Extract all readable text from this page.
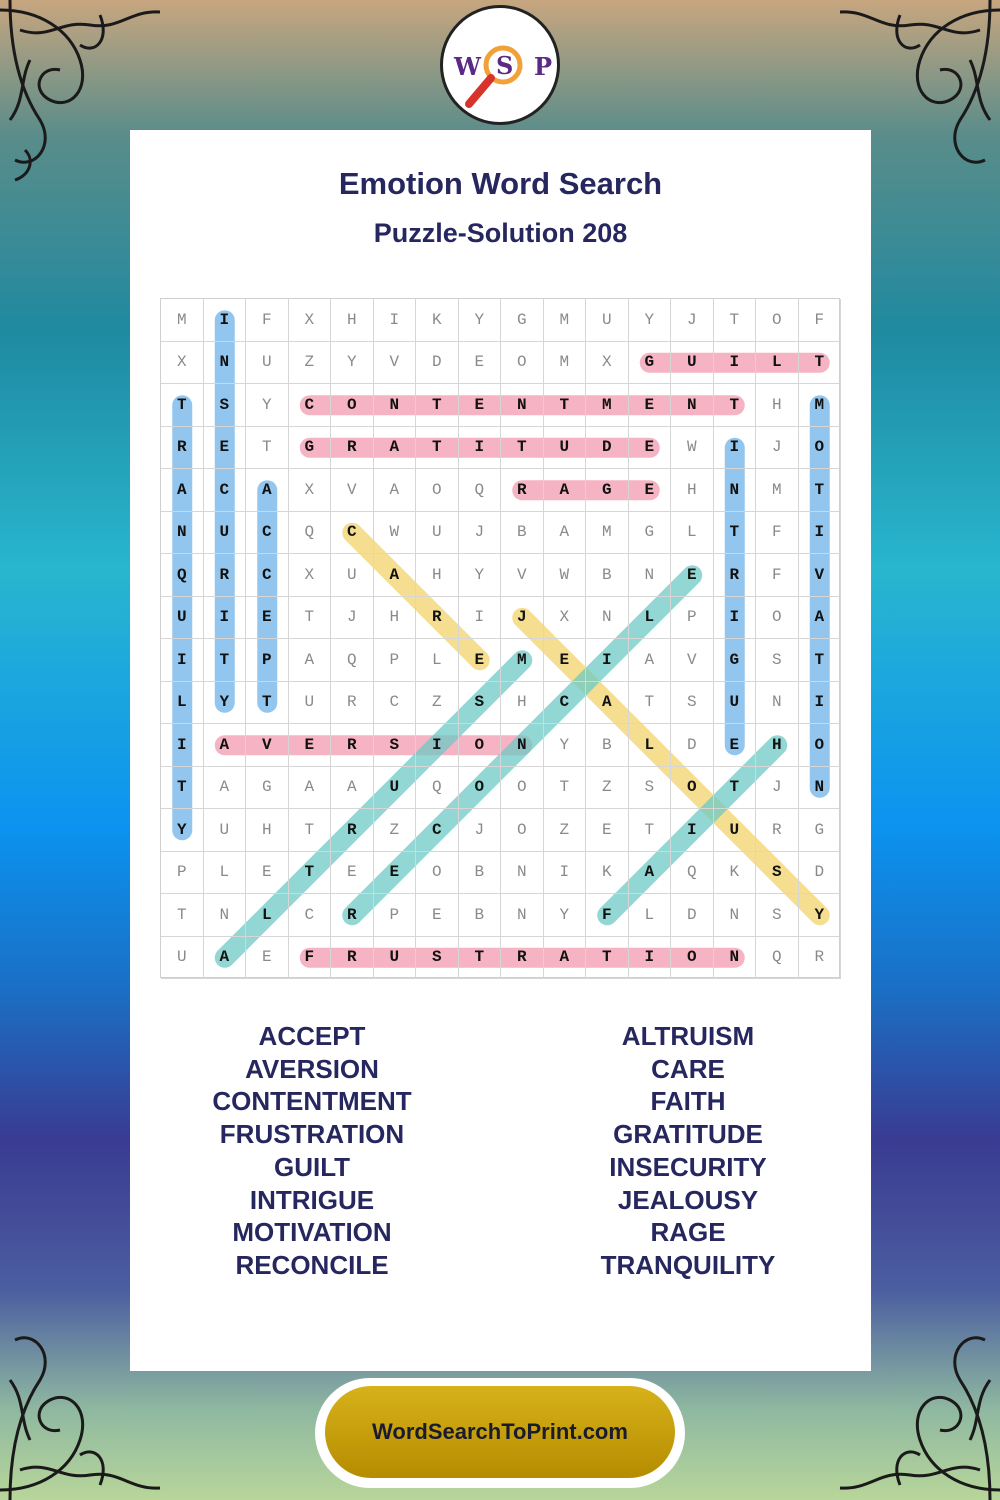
W S P
Emotion Word Search
Puzzle-Solution 208
M	I	F	X	H	I	K	Y	G	M	U	Y	J	T	O	F
X	N	U	Z	Y	V	D	E	O	M	X	G	U	I	L	T
T	S	Y	C	O	N	T	E	N	T	M	E	N	T	H	M
R	E	T	G	R	A	T	I	T	U	D	E	W	I	J	O
A	C	A	X	V	A	O	Q	R	A	G	E	H	N	M	T
N	U	C	Q	C	W	U	J	B	A	M	G	L	T	F	I
Q	R	C	X	U	A	H	Y	V	W	B	N	E	R	F	V
U	I	E	T	J	H	R	I	J	X	N	L	P	I	O	A
I	T	P	A	Q	P	L	E	M	E	I	A	V	G	S	T
L	Y	T	U	R	C	Z	S	H	C	A	T	S	U	N	I
I	A	V	E	R	S	I	O	N	Y	B	L	D	E	H	O
T	A	G	A	A	U	Q	O	O	T	Z	S	O	T	J	N
Y	U	H	T	R	Z	C	J	O	Z	E	T	I	U	R	G
P	L	E	T	E	E	O	B	N	I	K	A	Q	K	S	D
T	N	L	C	R	P	E	B	N	Y	F	L	D	N	S	Y
U	A	E	F	R	U	S	T	R	A	T	I	O	N	Q	R
ACCEPT
AVERSION
CONTENTMENT
FRUSTRATION
GUILT
INTRIGUE
MOTIVATION
RECONCILE
ALTRUISM
CARE
FAITH
GRATITUDE
INSECURITY
JEALOUSY
RAGE
TRANQUILITY
WordSearchToPrint.com
